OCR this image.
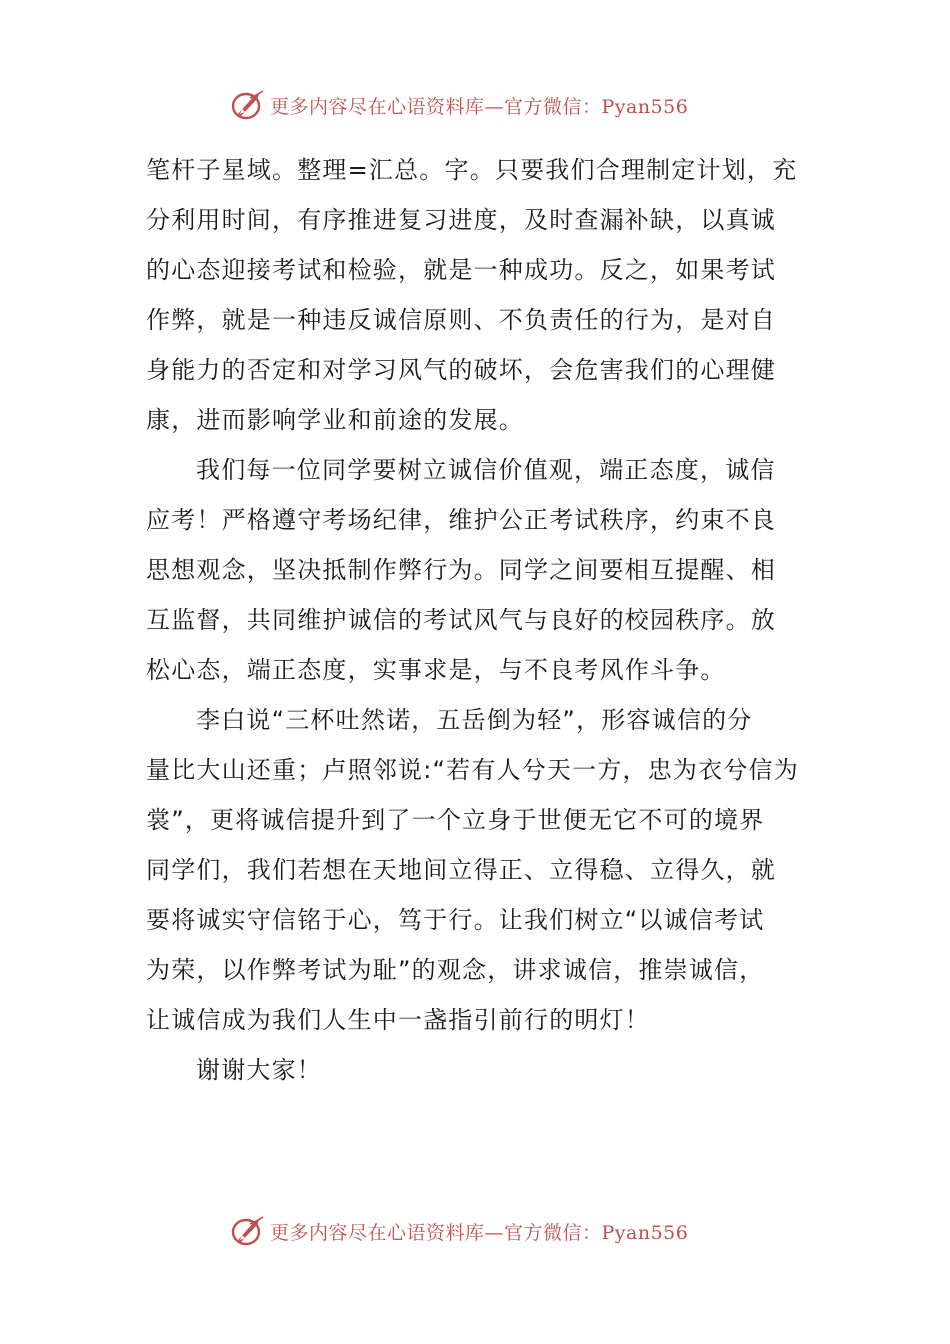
更多内容尽在心语资料库—官方微信：Pyan556
笔杆子星域。整理=汇总。字。只要我们合理制定计划，充
分利用时间，有序推进复习进度，及时查漏补缺，以真诚
的心态迎接考试和检验，就是一种成功。反之，如果考试
作弊，就是一种违反诚信原则、不负责任的行为，是对自
身能力的否定和对学习风气的破坏，会危害我们的心理健
康，进而影响学业和前途的发展。
我们每一位同学要树立诚信价值观，端正态度，诚信
应考！严格遵守考场纪律，维护公正考试秩序，约束不良
思想观念，坚决抵制作弊行为。同学之间要相互提醒、相
互监督，共同维护诚信的考试风气与良好的校园秩序。放
松心态，端正态度，实事求是，与不良考风作斗争。
李白说“三杯吐然诺，五岳倒为轻”，形容诚信的分
量比大山还重；卢照邻说:“若有人兮天一方，忠为衣兮信为
裳”，更将诚信提升到了一个立身于世便无它不可的境界
同学们，我们若想在天地间立得正、立得稳、立得久，就
要将诚实守信铭于心，笃于行。让我们树立“以诚信考试
为荣，以作弊考试为耻”的观念，讲求诚信，推崇诚信，
让诚信成为我们人生中一盏指引前行的明灯！
谢谢大家！
更多内容尽在心语资料库—官方微信：Pyan556
